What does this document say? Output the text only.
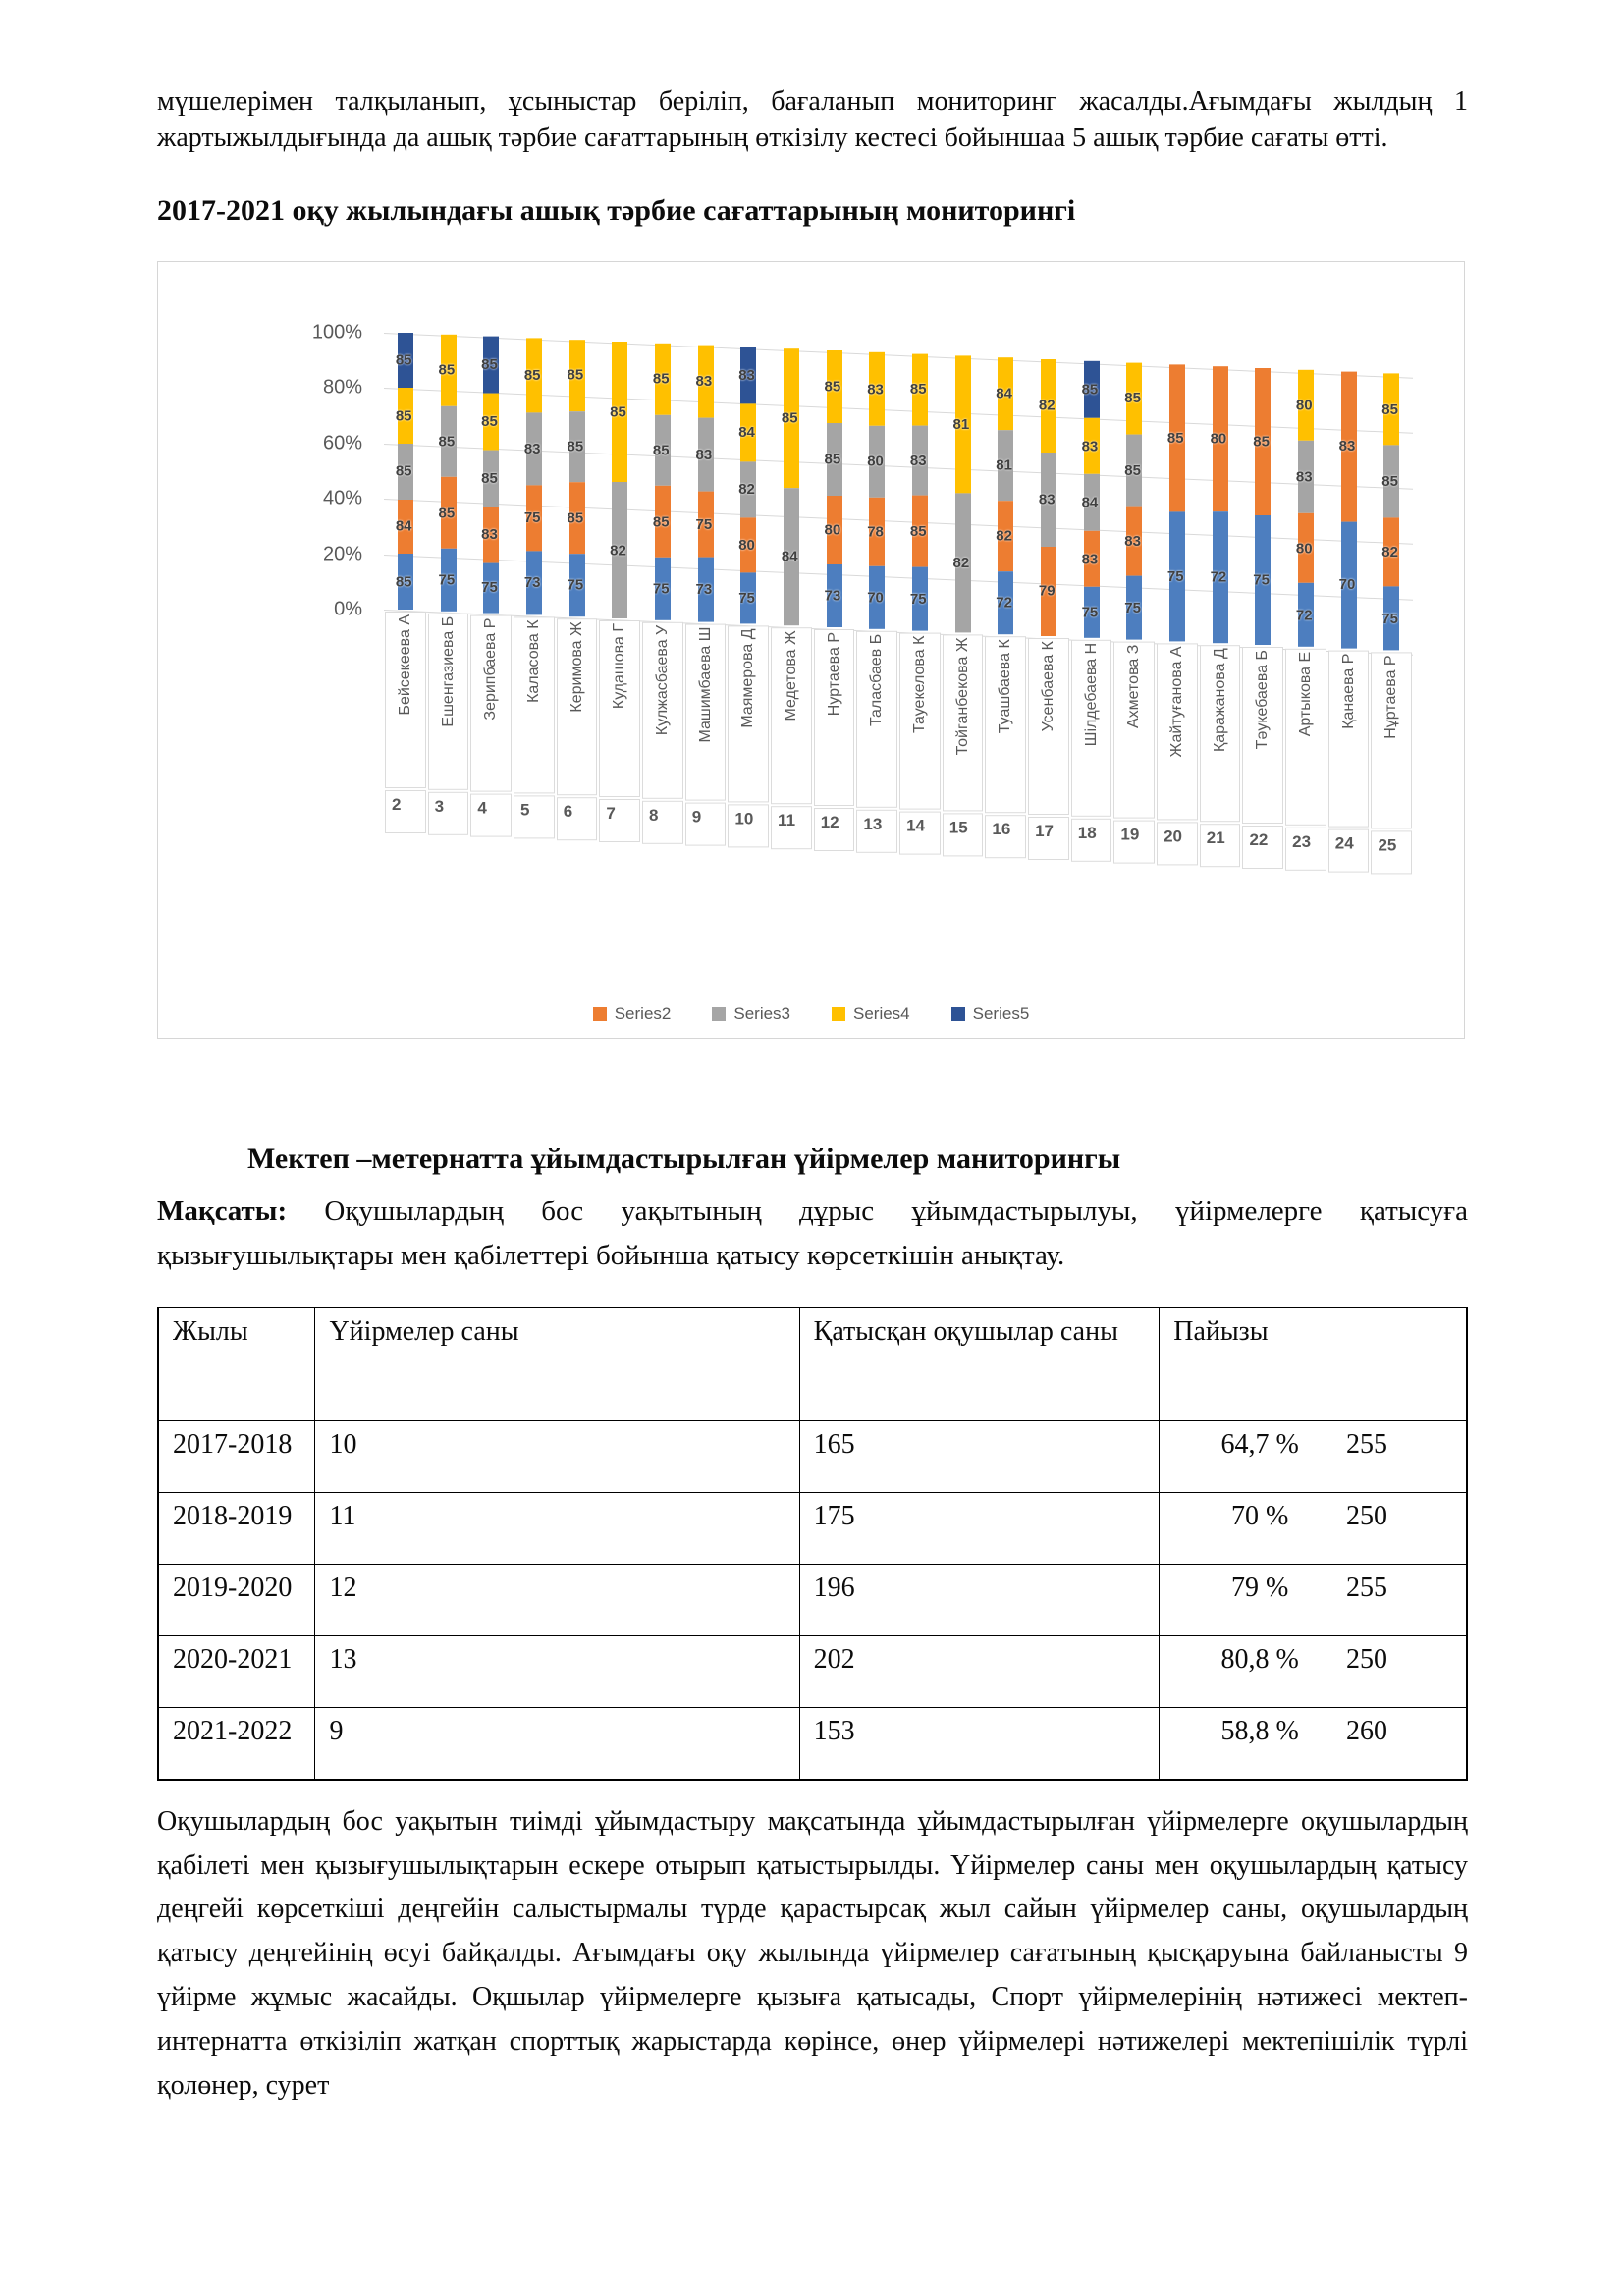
мүшелерімен талқыланып, ұсыныстар беріліп, бағаланып мониторинг жасалды.Ағымдағы жылдың 1 жартыжылдығында да ашық тәрбие сағаттарының өткізілу кестесі бойыншаа 5 ашық тәрбие сағаты өтті.

2017-2021 оқу жылындағы ашық тәрбие сағаттарының мониторингі
85
85
85
84
85
85
85
85
75
85
85
85
83
75
85
83
75
73
85
85
85
75
85
82
85
85
85
75
83
83
75
73
83
84
82
80
75
85
84
85
85
80
73
83
80
78
70
85
83
85
75
81
82
84
81
82
72
82
83
79
85
83
84
83
75
85
85
83
75
85
75
80
72
85
75
80
83
80
72
83
70
85
85
82
75
Бейсекеева А Ешенгазиева Б Зерипбаева Р Каласова К Керимова Ж Кудашова Г Кулжасбаева У Машимбаева Ш Маямерова Д Медетова Ж Нуртаева Р Таласбаев Б Тауекелова К Тойганбекова Ж Туашбаева К Усенбаева К Шілдебаева Н Ахметова З Жайтуғанова А Қаражанова Д Тәукебаева Б Артыкова Е Қанаева Р Нұртаева Р
2	3	4	5	6	7	8	9	10	11	12	13	14	15	16	17	18	19	20	21	22	23	24	25
100%
80%
60%
40%
20%
0%
Series2	Series3	Series4	Series5
Мектеп –метернатта ұйымдастырылған үйірмелер маниторингы

Мақсаты: Оқушылардың бос уақытының дұрыс ұйымдастырылуы, үйірмелерге қатысуға қызығушылықтары мен қабілеттері бойынша қатысу көрсеткішін анықтау.

Жылы	Үйірмелер саны	Қатысқан оқушылар саны	Пайызы
2017-2018	10	165	64,7 % 255

2018-2019	11	175	70 % 250

2019-2020	12	196	79 % 255

2020-2021	13	202	80,8 % 250

2021-2022	9	153	58,8 % 260

Оқушылардың бос уақытын тиімді ұйымдастыру мақсатында ұйымдастырылған үйірмелерге оқушылардың қабілеті мен қызығушылықтарын ескере отырып қатыстырылды. Үйірмелер саны мен оқушылардың қатысу деңгейі көрсеткіші деңгейін салыстырмалы түрде қарастырсақ жыл сайын үйірмелер саны, оқушылардың қатысу деңгейінің өсуі байқалды. Ағымдағы оқу жылында үйірмелер сағатының қысқаруына байланысты 9 үйірме жұмыс жасайды. Оқшылар үйірмелерге қызыға қатысады, Спорт үйірмелерінің нәтижесі мектеп-интернатта өткізіліп жатқан спорттық жарыстарда көрінсе, өнер үйірмелері нәтижелері мектепішілік түрлі қолөнер, сурет
